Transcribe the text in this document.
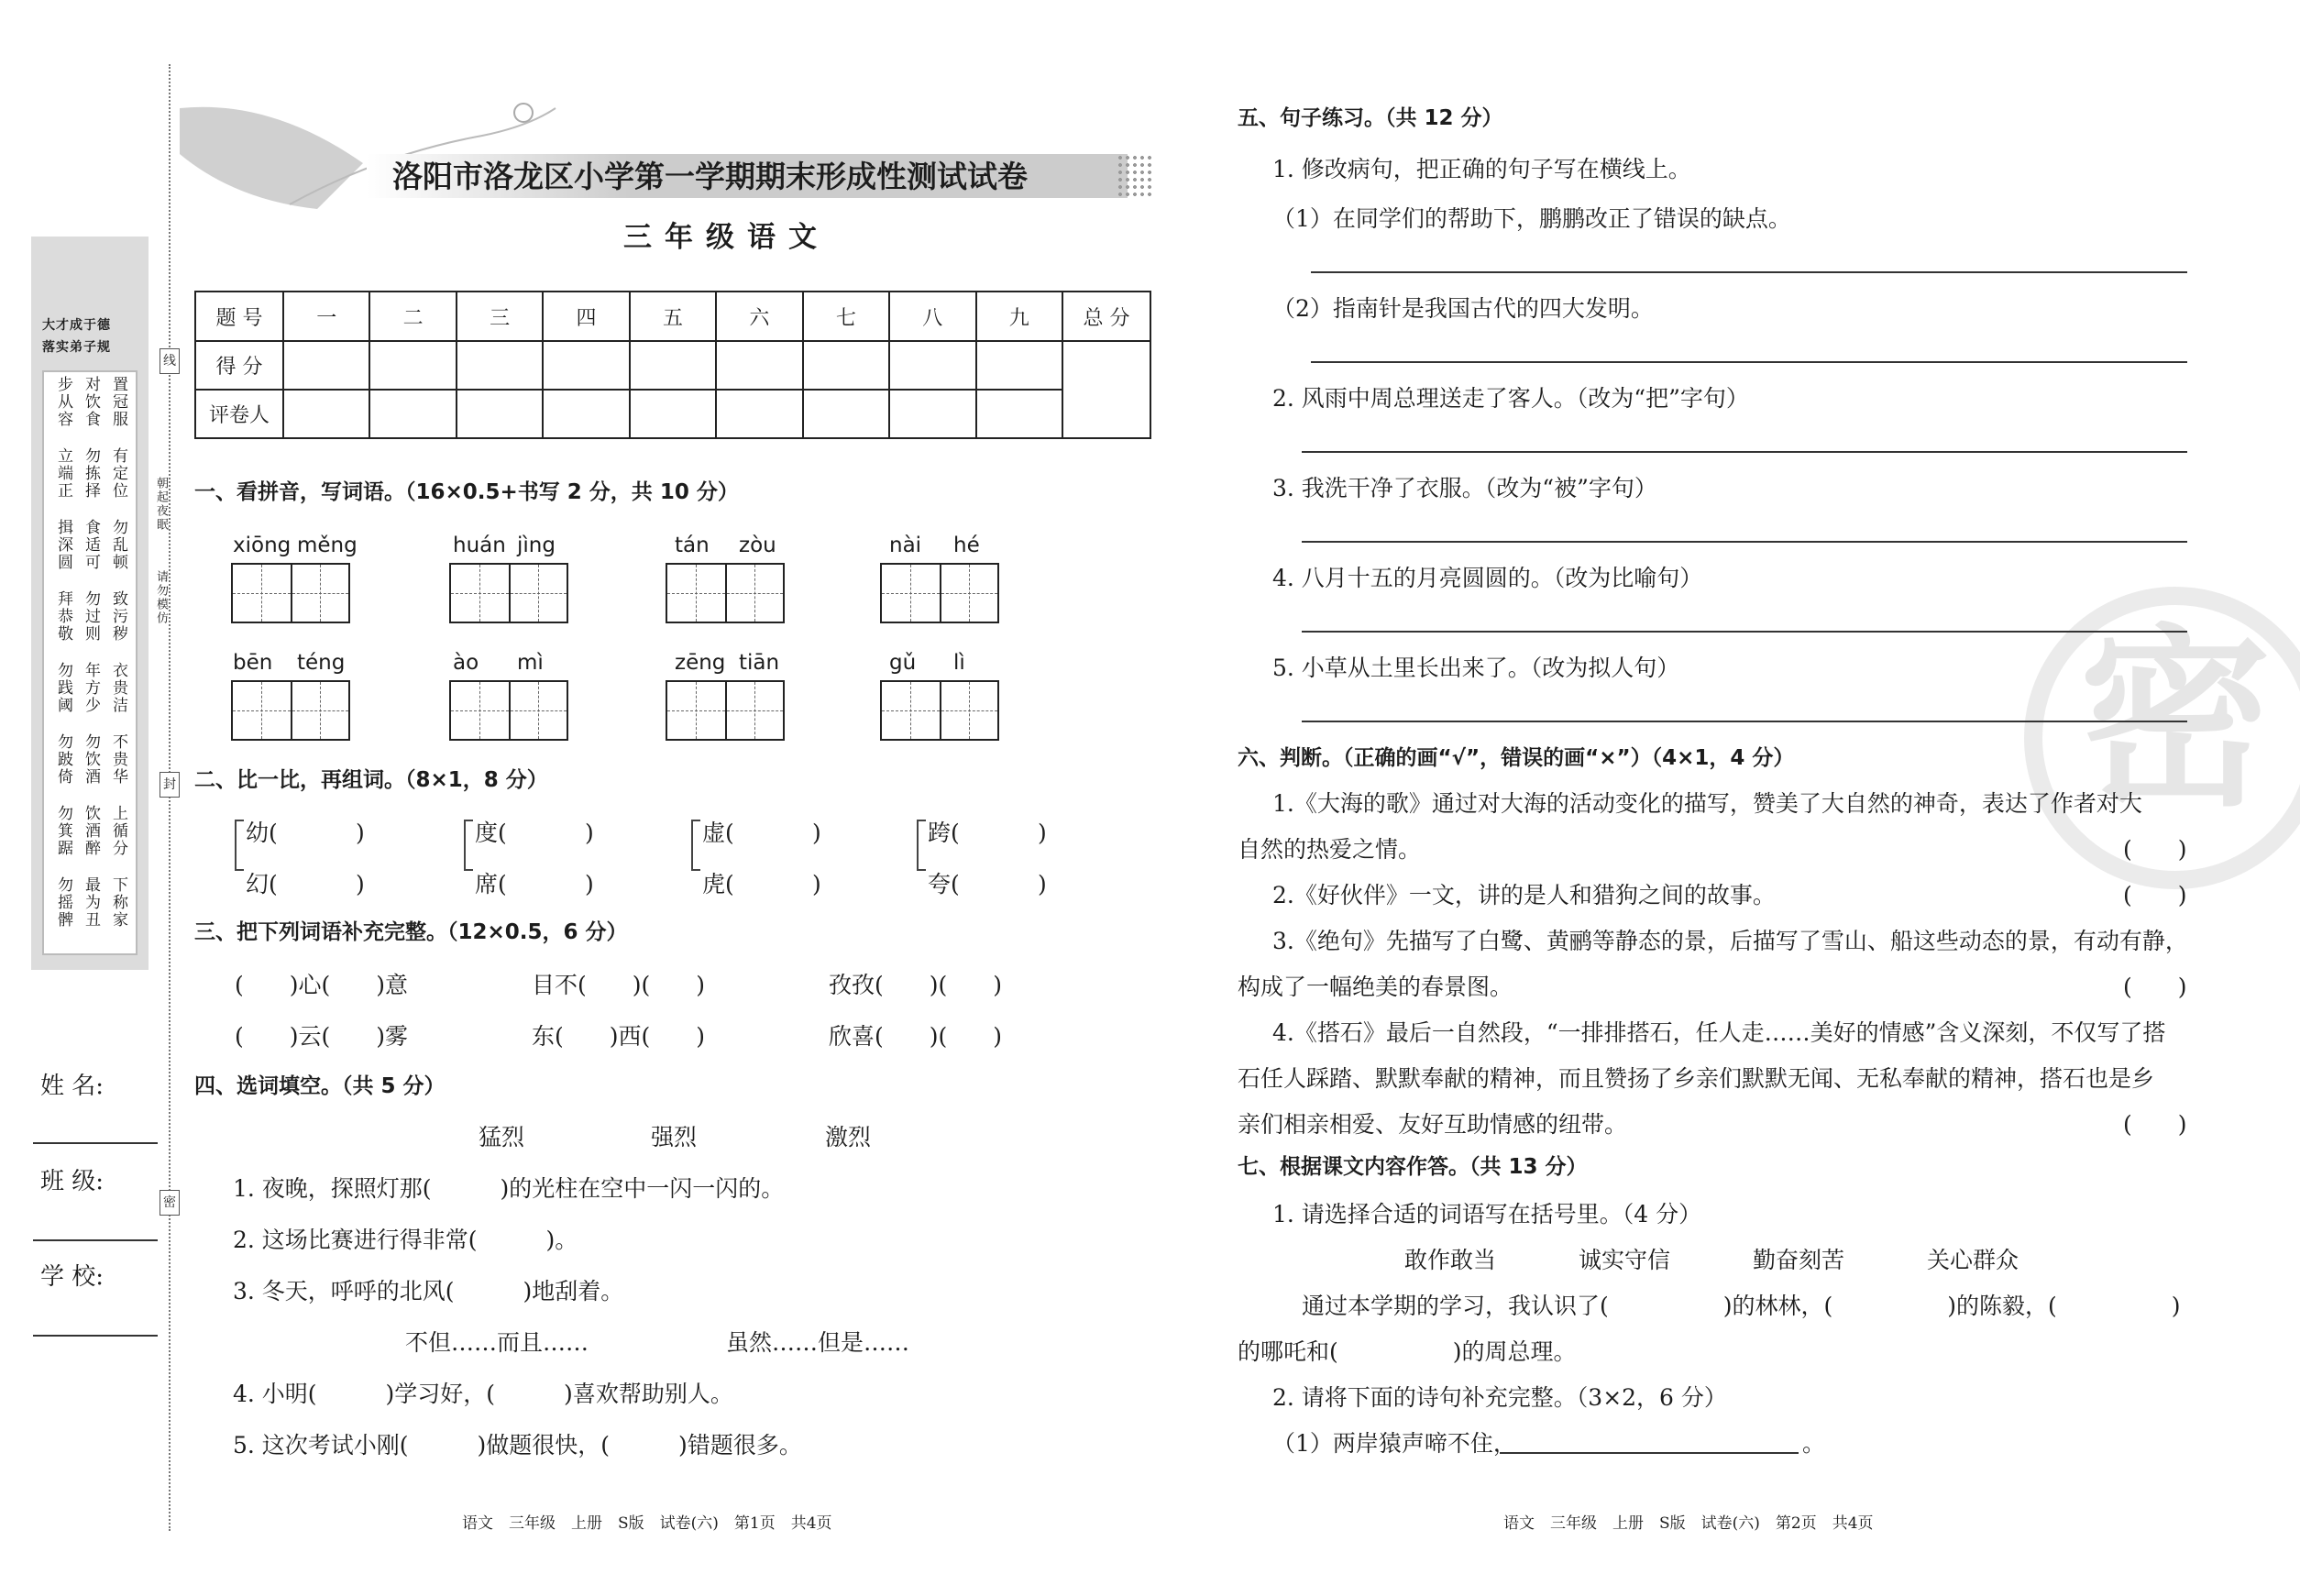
大才成于德
落实弟子规
步从容 对饮食 置冠服
立端正 勿拣择 有定位
揖深圆 食适可 勿乱顿
拜恭敬 勿过则 致污秽
勿践阈 年方少 衣贵洁
勿跛倚 勿饮酒 不贵华
勿箕踞 饮酒醉 上循分
勿摇髀 最为丑 下称家
姓 名:
班 级:
学 校:
线
封
密
朝起夜眠
请勿模仿
洛阳市洛龙区小学第一学期期末形成性测试试卷
三年级语文
题 号	一	二	三	四	五	六	七	八	九	总 分
得 分										
评卷人										
一、看拼音，写词语。（16×0.5+书写 2 分，共 10 分）
xiōng měng	huán jìng	tán zòu	nài hé
bēn téng	ào mì	zēng tiān	gǔ lì
二、比一比，再组词。（8×1，8 分）
幼(	)
幻(	)
度(	)
席(	)
虚(	)
虎(	)
跨(	)
夸(	)
三、把下列词语补充完整。（12×0.5，6 分）
(　　)心(　　)意	目不(　　)(　　)	孜孜(　　)(　　)
(　　)云(　　)雾	东(　　)西(　　)	欣喜(　　)(　　)
四、选词填空。（共 5 分）
猛烈	强烈	激烈
1. 夜晚，探照灯那(　　　)的光柱在空中一闪一闪的。
2. 这场比赛进行得非常(　　　)。
3. 冬天，呼呼的北风(　　　)地刮着。
不但……而且……	虽然……但是……
4. 小明(　　　)学习好，(　　　)喜欢帮助别人。
5. 这次考试小刚(　　　)做题很快，(　　　)错题很多。
语文　三年级　上册　S版　试卷(六)　第1页　共4页
密
五、句子练习。（共 12 分）
1. 修改病句，把正确的句子写在横线上。
（1）在同学们的帮助下，鹏鹏改正了错误的缺点。
（2）指南针是我国古代的四大发明。
2. 风雨中周总理送走了客人。（改为“把”字句）
3. 我洗干净了衣服。（改为“被”字句）
4. 八月十五的月亮圆圆的。（改为比喻句）
5. 小草从土里长出来了。（改为拟人句）
六、判断。（正确的画“√”，错误的画“×”）（4×1，4 分）
1.《大海的歌》通过对大海的活动变化的描写，赞美了大自然的神奇，表达了作者对大
自然的热爱之情。	(　　)
2.《好伙伴》一文，讲的是人和猎狗之间的故事。	(　　)
3.《绝句》先描写了白鹭、黄鹂等静态的景，后描写了雪山、船这些动态的景，有动有静，
构成了一幅绝美的春景图。	(　　)
4.《搭石》最后一自然段，“一排排搭石，任人走……美好的情感”含义深刻，不仅写了搭
石任人踩踏、默默奉献的精神，而且赞扬了乡亲们默默无闻、无私奉献的精神，搭石也是乡
亲们相亲相爱、友好互助情感的纽带。	(　　)
七、根据课文内容作答。（共 13 分）
1. 请选择合适的词语写在括号里。（4 分）
敢作敢当	诚实守信	勤奋刻苦	关心群众
通过本学期的学习，我认识了(　　　　　)的林林，(　　　　　)的陈毅，(　　　　　)
的哪吒和(　　　　　)的周总理。
2. 请将下面的诗句补充完整。（3×2，6 分）
（1）两岸猿声啼不住，	。
语文　三年级　上册　S版　试卷(六)　第2页　共4页
